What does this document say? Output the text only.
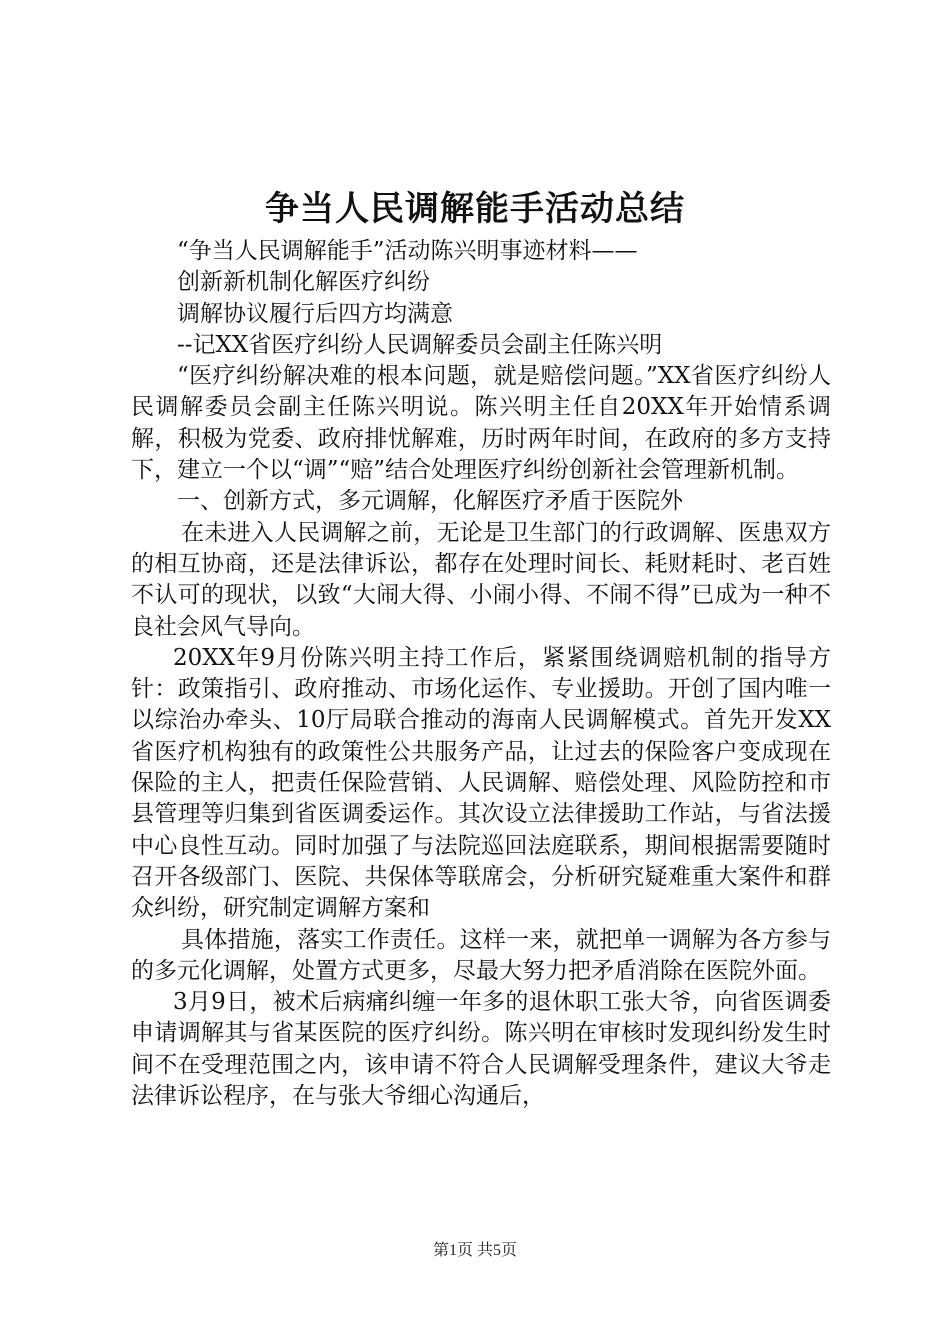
争当人民调解能手活动总结

“争当人民调解能手”活动陈兴明事迹材料——

创新新机制化解医疗纠纷

调解协议履行后四方均满意

--记XX省医疗纠纷人民调解委员会副主任陈兴明

“医疗纠纷解决难的根本问题，就是赔偿问题。”XX省医疗纠纷人民调解委员会副主任陈兴明说。陈兴明主任自20XX年开始情系调解，积极为党委、政府排忧解难，历时两年时间，在政府的多方支持下，建立一个以“调”“赔”结合处理医疗纠纷创新社会管理新机制。

一、创新方式，多元调解，化解医疗矛盾于医院外

在未进入人民调解之前，无论是卫生部门的行政调解、医患双方的相互协商，还是法律诉讼，都存在处理时间长、耗财耗时、老百姓不认可的现状，以致“大闹大得、小闹小得、不闹不得”已成为一种不良社会风气导向。

20XX年9月份陈兴明主持工作后，紧紧围绕调赔机制的指导方针：政策指引、政府推动、市场化运作、专业援助。开创了国内唯一以综治办牵头、10厅局联合推动的海南人民调解模式。首先开发XX省医疗机构独有的政策性公共服务产品，让过去的保险客户变成现在保险的主人，把责任保险营销、人民调解、赔偿处理、风险防控和市县管理等归集到省医调委运作。其次设立法律援助工作站，与省法援中心良性互动。同时加强了与法院巡回法庭联系，期间根据需要随时召开各级部门、医院、共保体等联席会，分析研究疑难重大案件和群众纠纷，研究制定调解方案和

具体措施，落实工作责任。这样一来，就把单一调解为各方参与的多元化调解，处置方式更多，尽最大努力把矛盾消除在医院外面。

3月9日，被术后病痛纠缠一年多的退休职工张大爷，向省医调委申请调解其与省某医院的医疗纠纷。陈兴明在审核时发现纠纷发生时间不在受理范围之内，该申请不符合人民调解受理条件，建议大爷走法律诉讼程序，在与张大爷细心沟通后，

第1页 共5页
